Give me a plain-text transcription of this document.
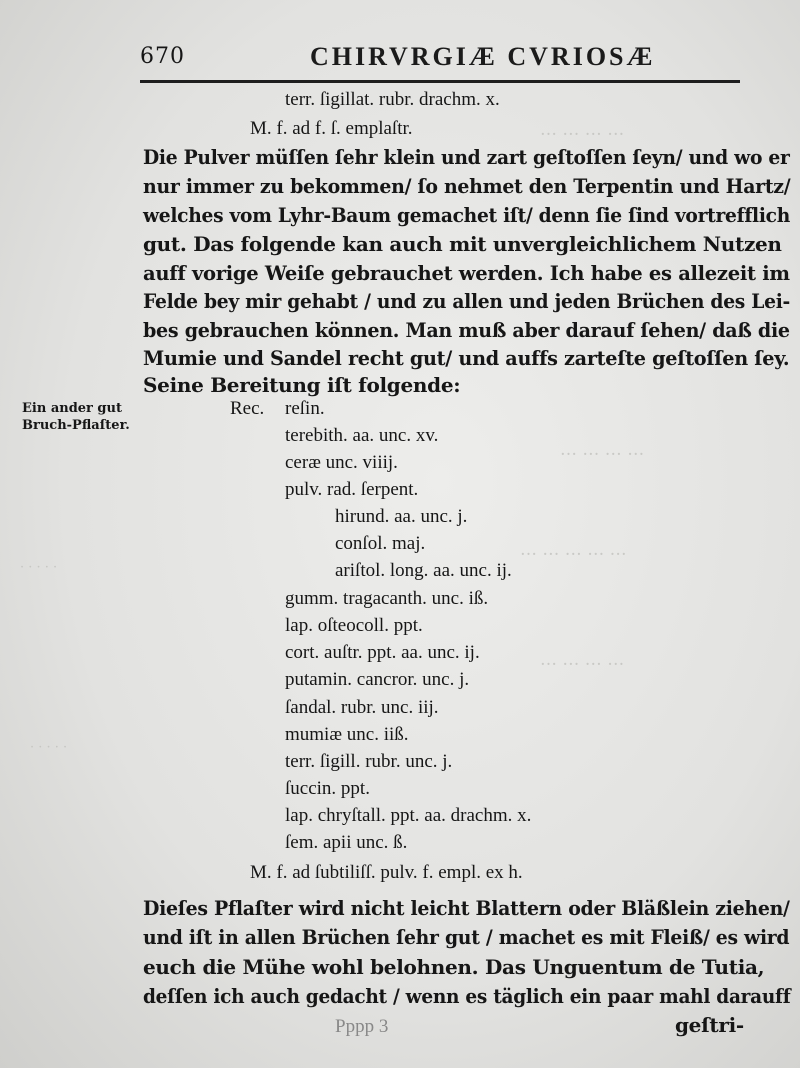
… … … …
… … … …
… … … … …
… … … …
· · · · ·
· · · · ·
670	CHIRVRGIÆ CVRIOSÆ
terr. ſigillat. rubr. drachm. x.
M. f. ad f. ſ. emplaſtr.
Die Pulver müſſen ſehr klein und zart geſtoſſen ſeyn/ und wo er
nur immer zu bekommen/ ſo nehmet den Terpentin und Hartz/
welches vom Lyhr-Baum gemachet iſt/ denn ſie ſind vortrefflich
gut. Das folgende kan auch mit unvergleichlichem Nutzen
auff vorige Weiſe gebrauchet werden. Ich habe es allezeit im
Felde bey mir gehabt / und zu allen und jeden Brüchen des Lei-
bes gebrauchen können. Man muß aber darauf ſehen/ daß die
Mumie und Sandel recht gut/ und auffs zarteſte geſtoſſen ſey.
Seine Bereitung iſt folgende:
Ein ander gut
Bruch-Pflaſter.
Rec. reſin.
terebith. aa. unc. xv.
ceræ unc. viiij.
pulv. rad. ſerpent.
hirund. aa. unc. j.
conſol. maj.
ariſtol. long. aa. unc. ij.
gumm. tragacanth. unc. iß.
lap. oſteocoll. ppt.
cort. auſtr. ppt. aa. unc. ij.
putamin. cancror. unc. j.
ſandal. rubr. unc. iij.
mumiæ unc. iiß.
terr. ſigill. rubr. unc. j.
ſuccin. ppt.
lap. chryſtall. ppt. aa. drachm. x.
ſem. apii unc. ß.
M. f. ad ſubtiliſſ. pulv. f. empl. ex h.
Dieſes Pflaſter wird nicht leicht Blattern oder Bläßlein ziehen/
und iſt in allen Brüchen ſehr gut / machet es mit Fleiß/ es wird
euch die Mühe wohl belohnen. Das Unguentum de Tutia,
deſſen ich auch gedacht / wenn es täglich ein paar mahl darauff
Pppp 3	geſtri-
